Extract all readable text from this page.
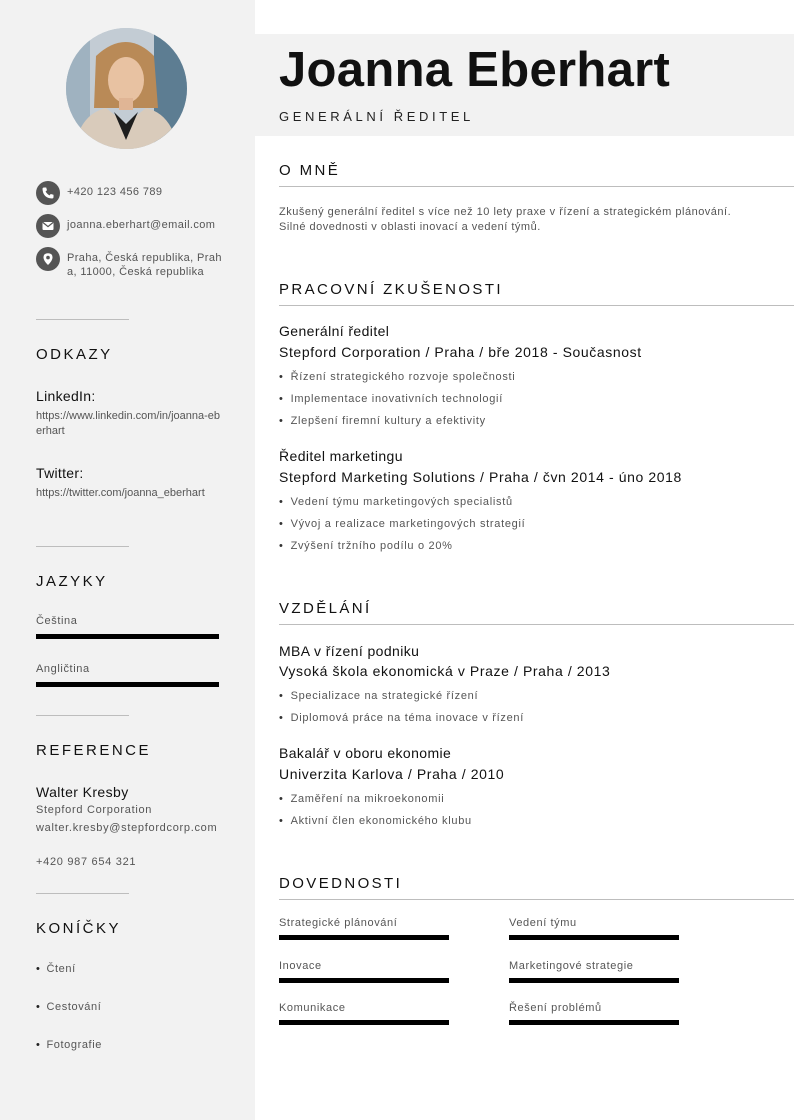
+420 123 456 789
joanna.eberhart@email.com
Praha, Česká republika, Praha, 11000, Česká republika
ODKAZY
LinkedIn:
https://www.linkedin.com/in/joanna-eberhart
Twitter:
https://twitter.com/joanna_eberhart
JAZYKY
Čeština
Angličtina
REFERENCE
Walter Kresby
Stepford Corporation
walter.kresby@stepfordcorp.com
+420 987 654 321
KONÍČKY
• Čtení
• Cestování
• Fotografie
Joanna Eberhart
GENERÁLNÍ ŘEDITEL
O MNĚ
Zkušený generální ředitel s více než 10 lety praxe v řízení a strategickém plánování. Silné dovednosti v oblasti inovací a vedení týmů.
PRACOVNÍ ZKUŠENOSTI
Generální ředitel
Stepford Corporation / Praha / bře 2018 - Současnost
• Řízení strategického rozvoje společnosti
• Implementace inovativních technologií
• Zlepšení firemní kultury a efektivity
Ředitel marketingu
Stepford Marketing Solutions / Praha / čvn 2014 - úno 2018
• Vedení týmu marketingových specialistů
• Vývoj a realizace marketingových strategií
• Zvýšení tržního podílu o 20%
VZDĚLÁNÍ
MBA v řízení podniku
Vysoká škola ekonomická v Praze / Praha / 2013
• Specializace na strategické řízení
• Diplomová práce na téma inovace v řízení
Bakalář v oboru ekonomie
Univerzita Karlova / Praha / 2010
• Zaměření na mikroekonomii
• Aktivní člen ekonomického klubu
DOVEDNOSTI
Strategické plánování	Vedení týmu
Inovace	Marketingové strategie
Komunikace	Řešení problémů
